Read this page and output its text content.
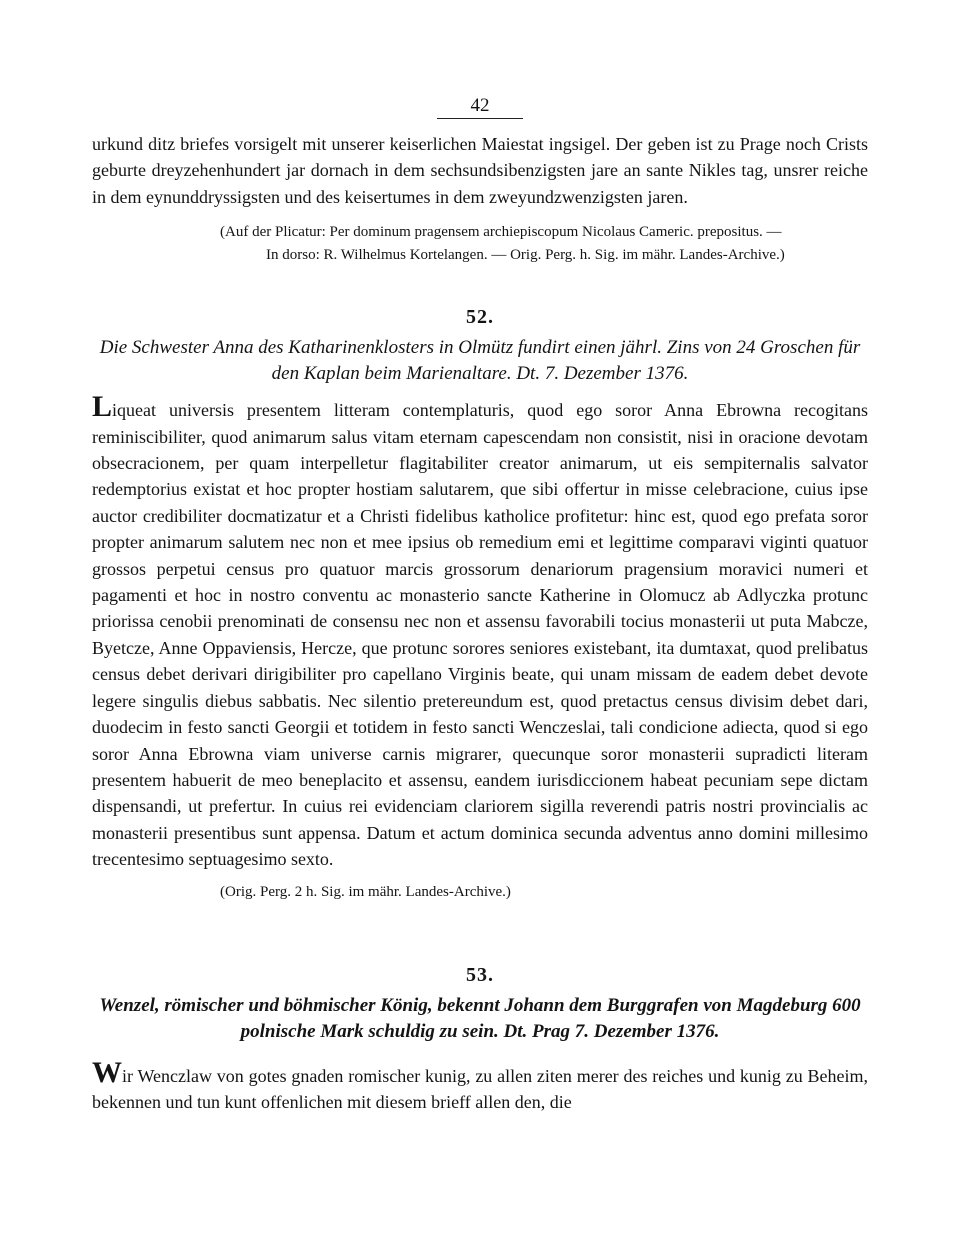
42

urkund ditz briefes vorsigelt mit unserer keiserlichen Maiestat ingsigel. Der geben ist zu Prage noch Crists geburte dreyzehenhundert jar dornach in dem sechsundsibenzigsten jare an sante Nikles tag, unsrer reiche in dem eynunddryssigsten und des keisertumes in dem zweyundzwenzigsten jaren.

(Auf der Plicatur: Per dominum pragensem archiepiscopum Nicolaus Cameric. prepositus. —
In dorso: R. Wilhelmus Kortelangen. — Orig. Perg. h. Sig. im mähr. Landes-Archive.)
52.

Die Schwester Anna des Katharinenklosters in Olmütz fundirt einen jährl. Zins von 24 Groschen für den Kaplan beim Marienaltare. Dt. 7. Dezember 1376.

Liqueat universis presentem litteram contemplaturis, quod ego soror Anna Ebrowna recogitans reminiscibiliter, quod animarum salus vitam eternam capescendam non consistit, nisi in oracione devotam obsecracionem, per quam interpelletur flagitabiliter creator animarum, ut eis sempiternalis salvator redemptorius existat et hoc propter hostiam salutarem, que sibi offertur in misse celebracione, cuius ipse auctor credibiliter docmatizatur et a Christi fidelibus katholice profitetur: hinc est, quod ego prefata soror propter animarum salutem nec non et mee ipsius ob remedium emi et legittime comparavi viginti quatuor grossos perpetui census pro quatuor marcis grossorum denariorum pragensium moravici numeri et pagamenti et hoc in nostro conventu ac monasterio sancte Katherine in Olomucz ab Adlyczka protunc priorissa cenobii prenominati de consensu nec non et assensu favorabili tocius monasterii ut puta Mabcze, Byetcze, Anne Oppaviensis, Hercze, que protunc sorores seniores existebant, ita dumtaxat, quod prelibatus census debet derivari dirigibiliter pro capellano Virginis beate, qui unam missam de eadem debet devote legere singulis diebus sabbatis. Nec silentio pretereundum est, quod pretactus census divisim debet dari, duodecim in festo sancti Georgii et totidem in festo sancti Wenczeslai, tali condicione adiecta, quod si ego soror Anna Ebrowna viam universe carnis migrarer, quecunque soror monasterii supradicti literam presentem habuerit de meo beneplacito et assensu, eandem iurisdiccionem habeat pecuniam sepe dictam dispensandi, ut prefertur. In cuius rei evidenciam clariorem sigilla reverendi patris nostri provincialis ac monasterii presentibus sunt appensa. Datum et actum dominica secunda adventus anno domini millesimo trecentesimo septuagesimo sexto.

(Orig. Perg. 2 h. Sig. im mähr. Landes-Archive.)
53.

Wenzel, römischer und böhmischer König, bekennt Johann dem Burggrafen von Magdeburg 600 polnische Mark schuldig zu sein. Dt. Prag 7. Dezember 1376.

Wir Wenczlaw von gotes gnaden romischer kunig, zu allen ziten merer des reiches und kunig zu Beheim, bekennen und tun kunt offenlichen mit diesem brieff allen den, die
